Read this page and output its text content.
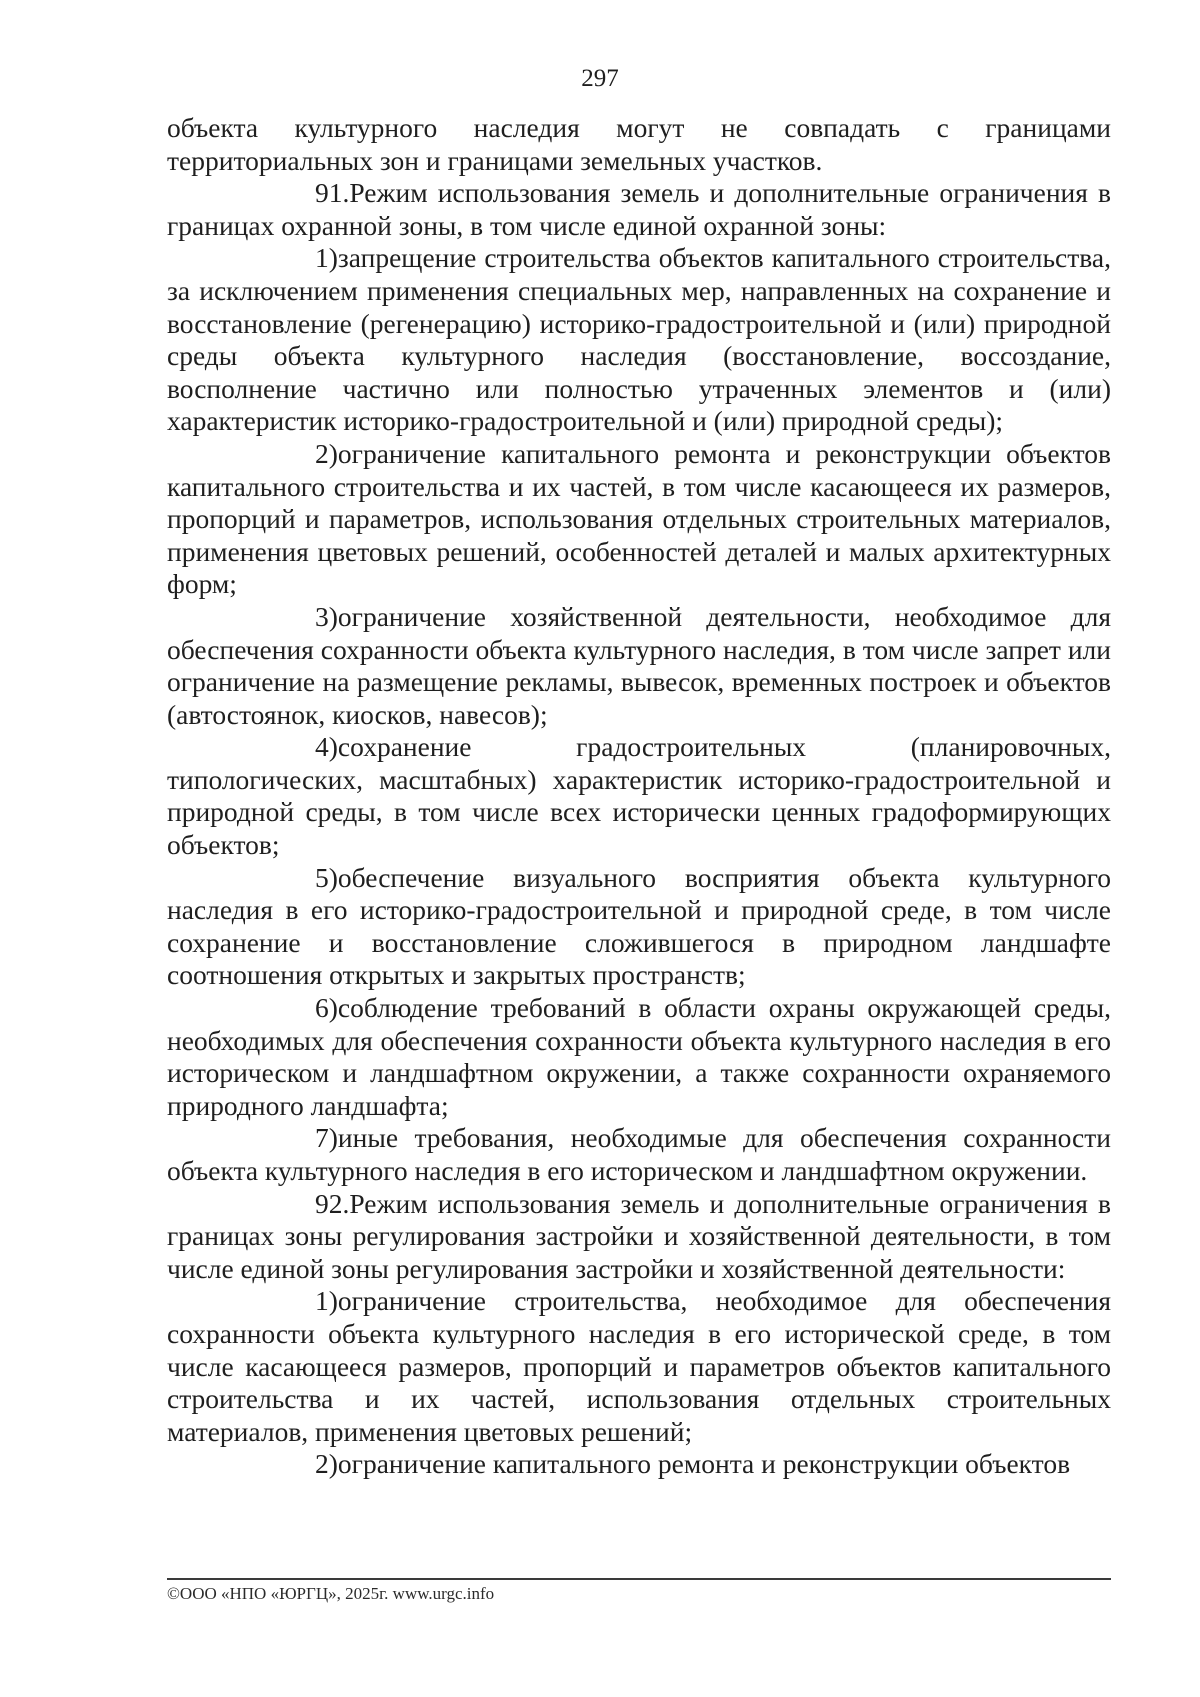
297

объекта культурного наследия могут не совпадать с границами территориальных зон и границами земельных участков.

91.Режим использования земель и дополнительные ограничения в границах охранной зоны, в том числе единой охранной зоны:

1)запрещение строительства объектов капитального строительства, за исключением применения специальных мер, направленных на сохранение и восстановление (регенерацию) историко-градостроительной и (или) природной среды объекта культурного наследия (восстановление, воссоздание, восполнение частично или полностью утраченных элементов и (или) характеристик историко-градостроительной и (или) природной среды);

2)ограничение капитального ремонта и реконструкции объектов капитального строительства и их частей, в том числе касающееся их размеров, пропорций и параметров, использования отдельных строительных материалов, применения цветовых решений, особенностей деталей и малых архитектурных форм;

3)ограничение хозяйственной деятельности, необходимое для обеспечения сохранности объекта культурного наследия, в том числе запрет или ограничение на размещение рекламы, вывесок, временных построек и объектов (автостоянок, киосков, навесов);

4)сохранение градостроительных (планировочных, типологических, масштабных) характеристик историко-градостроительной и природной среды, в том числе всех исторически ценных градоформирующих объектов;

5)обеспечение визуального восприятия объекта культурного наследия в его историко-градостроительной и природной среде, в том числе сохранение и восстановление сложившегося в природном ландшафте соотношения открытых и закрытых пространств;

6)соблюдение требований в области охраны окружающей среды, необходимых для обеспечения сохранности объекта культурного наследия в его историческом и ландшафтном окружении, а также сохранности охраняемого природного ландшафта;

7)иные требования, необходимые для обеспечения сохранности объекта культурного наследия в его историческом и ландшафтном окружении.

92.Режим использования земель и дополнительные ограничения в границах зоны регулирования застройки и хозяйственной деятельности, в том числе единой зоны регулирования застройки и хозяйственной деятельности:

1)ограничение строительства, необходимое для обеспечения сохранности объекта культурного наследия в его исторической среде, в том числе касающееся размеров, пропорций и параметров объектов капитального строительства и их частей, использования отдельных строительных материалов, применения цветовых решений;

2)ограничение капитального ремонта и реконструкции объектов

©ООО «НПО «ЮРГЦ», 2025г. www.urgc.info
